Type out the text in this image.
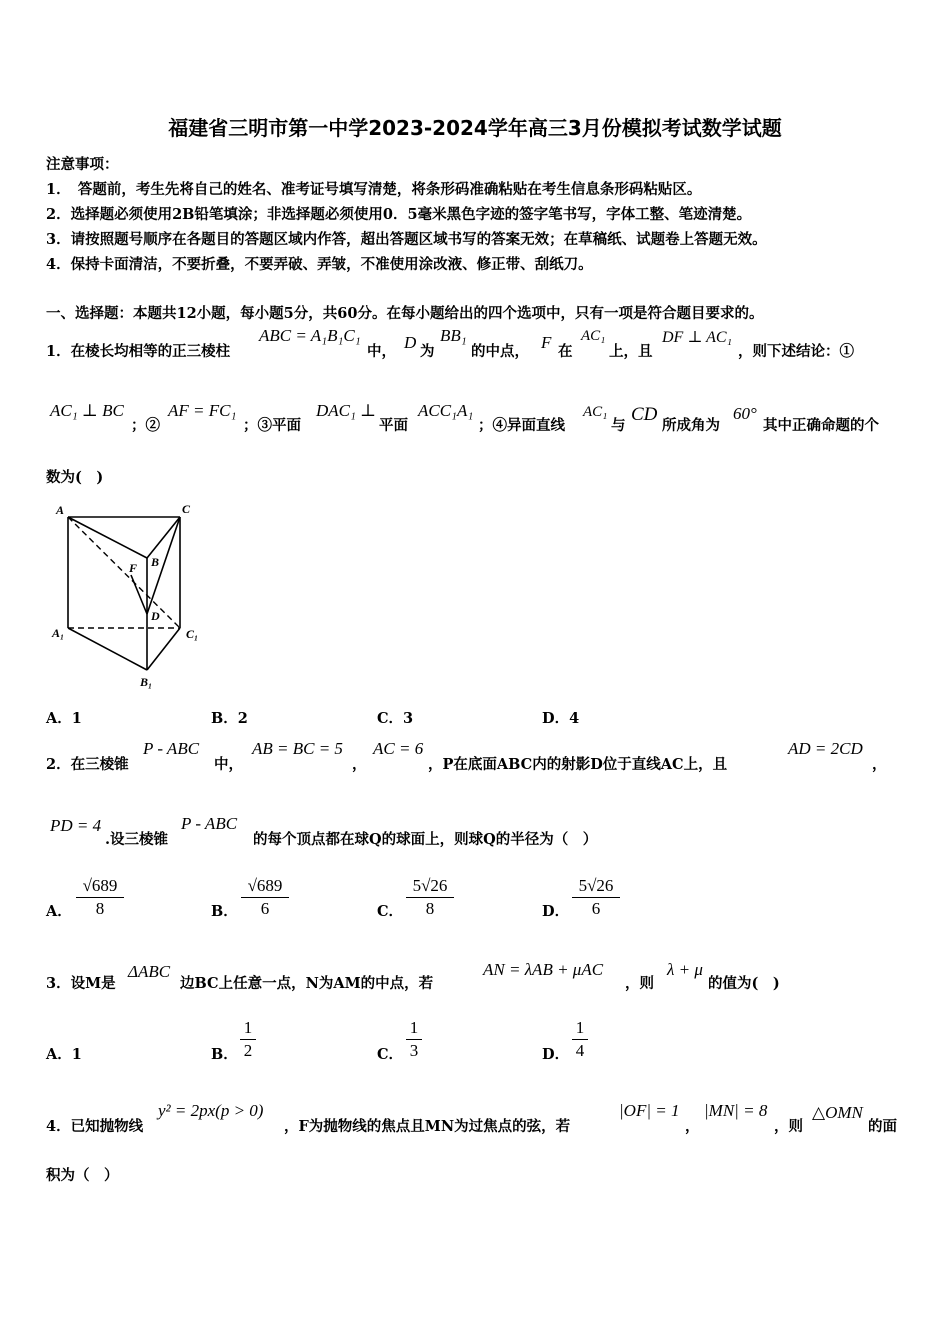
福建省三明市第一中学2023-2024学年高三3月份模拟考试数学试题
注意事项：
1．　答题前，考生先将自己的姓名、准考证号填写清楚，将条形码准确粘贴在考生信息条形码粘贴区。
2．选择题必须使用2B铅笔填涂；非选择题必须使用0．5毫米黑色字迹的签字笔书写，字体工整、笔迹清楚。
3．请按照题号顺序在各题目的答题区域内作答，超出答题区域书写的答案无效；在草稿纸、试题卷上答题无效。
4．保持卡面清洁，不要折叠，不要弄破、弄皱，不准使用涂改液、修正带、刮纸刀。
一、选择题：本题共12小题，每小题5分，共60分。在每小题给出的四个选项中，只有一项是符合题目要求的。
1．在棱长均相等的正三棱柱
ABC = A₁B₁C₁
中， D 为
BB₁
的中点， F 在
AC₁
上，且
DF ⊥ AC₁
，则下述结论：①
AC₁ ⊥ BC
；②
AF = FC₁
；③平面
DAC₁ ⊥
平面
ACC₁A₁
；④异面直线
AC₁
与
CD
所成角为
60°
其中正确命题的个
数为(　)
A	C
B
F
D
A₁	C₁
B₁
A．1	B．2	C．3	D．4
2．在三棱锥
P - ABC
中，
AB = BC = 5
，
AC = 6
，P在底面ABC内的射影D位于直线AC上，且
AD = 2CD
，
PD = 4
.设三棱锥
P - ABC
的每个顶点都在球Q的球面上，则球Q的半径为（　）
A．
√689
8	B．
√689
6	C．
5√26
8	D．
5√26
6
3．设M是
ΔABC
边BC上任意一点，N为AM的中点，若
AN = λAB + μAC
，则
λ + μ
的值为(　)
A．1	B．
1
2	C．
1
3	D．
1
4
4．已知抛物线
y² = 2px(p > 0)
，F为抛物线的焦点且MN为过焦点的弦，若
|OF| = 1
，
|MN| = 8
，则
△OMN
的面
积为（　）
